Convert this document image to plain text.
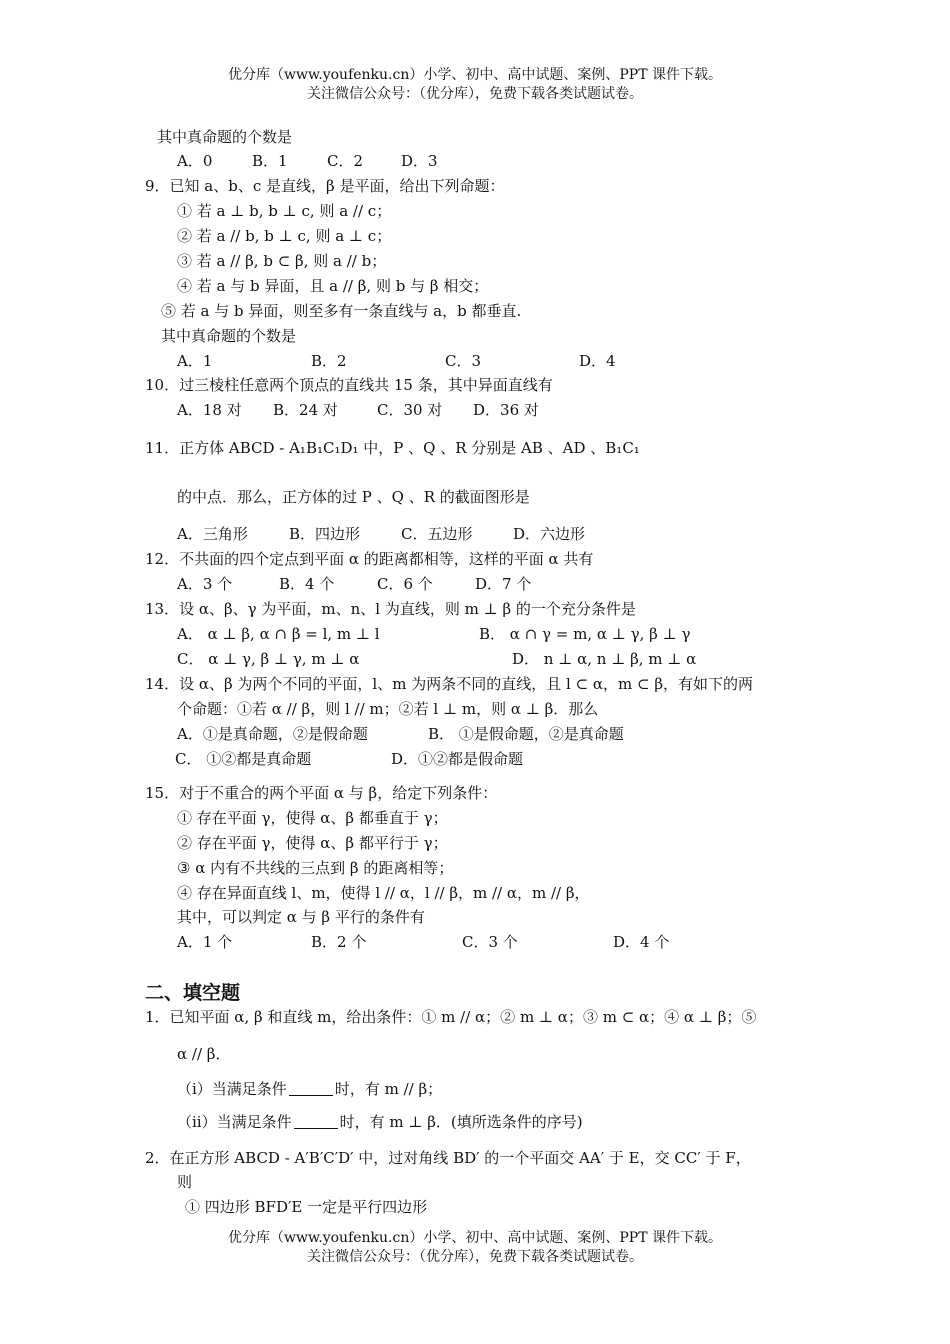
优分库（www.youfenku.cn）小学、初中、高中试题、案例、PPT 课件下载。
关注微信公众号：（优分库），免费下载各类试题试卷。
其中真命题的个数是
A．0	B．1	C．2	D．3
9．已知 a、b、c 是直线，β 是平面，给出下列命题：
① 若 a ⊥ b, b ⊥ c, 则 a // c；
② 若 a // b, b ⊥ c, 则 a ⊥ c；
③ 若 a // β, b ⊂ β, 则 a // b；
④ 若 a 与 b 异面，且 a // β, 则 b 与 β 相交；
⑤ 若 a 与 b 异面，则至多有一条直线与 a，b 都垂直.
其中真命题的个数是
A．1	B．2	C．3	D．4
10．过三棱柱任意两个顶点的直线共 15 条，其中异面直线有
A．18 对 B．24 对	C．30 对 D．36 对
11．正方体 ABCD - A₁B₁C₁D₁ 中，P 、Q 、R 分别是 AB 、AD 、B₁C₁
的中点．那么，正方体的过 P 、Q 、R 的截面图形是
A．三角形	B．四边形	C．五边形	D．六边形
12．不共面的四个定点到平面 α 的距离都相等，这样的平面 α 共有
A．3 个	B．4 个	C．6 个	D．7 个
13．设 α、β、γ 为平面，m、n、l 为直线，则 m ⊥ β 的一个充分条件是
A． α ⊥ β, α ∩ β = l, m ⊥ l	B． α ∩ γ = m, α ⊥ γ, β ⊥ γ
C． α ⊥ γ, β ⊥ γ, m ⊥ α	D． n ⊥ α, n ⊥ β, m ⊥ α
14．设 α、β 为两个不同的平面，l、m 为两条不同的直线，且 l ⊂ α，m ⊂ β，有如下的两
个命题：①若 α // β，则 l // m；②若 l ⊥ m，则 α ⊥ β．那么
A．①是真命题，②是假命题	B． ①是假命题，②是真命题
C． ①②都是真命题	D．①②都是假命题
15．对于不重合的两个平面 α 与 β，给定下列条件：
① 存在平面 γ，使得 α、β 都垂直于 γ；
② 存在平面 γ，使得 α、β 都平行于 γ；
③ α 内有不共线的三点到 β 的距离相等；
④ 存在异面直线 l、m，使得 l // α，l // β，m // α，m // β，
其中，可以判定 α 与 β 平行的条件有
A．1 个	B．2 个	C．3 个	D．4 个
二、填空题
1．已知平面 α, β 和直线 m，给出条件：① m // α；② m ⊥ α；③ m ⊂ α；④ α ⊥ β；⑤
α // β．
（i）当满足条件	时，有 m // β；
（ii）当满足条件	时，有 m ⊥ β．(填所选条件的序号)
2．在正方形 ABCD - A′B′C′D′ 中，过对角线 BD′ 的一个平面交 AA′ 于 E，交 CC′ 于 F，
则
① 四边形 BFD′E 一定是平行四边形
优分库（www.youfenku.cn）小学、初中、高中试题、案例、PPT 课件下载。
关注微信公众号：（优分库），免费下载各类试题试卷。
